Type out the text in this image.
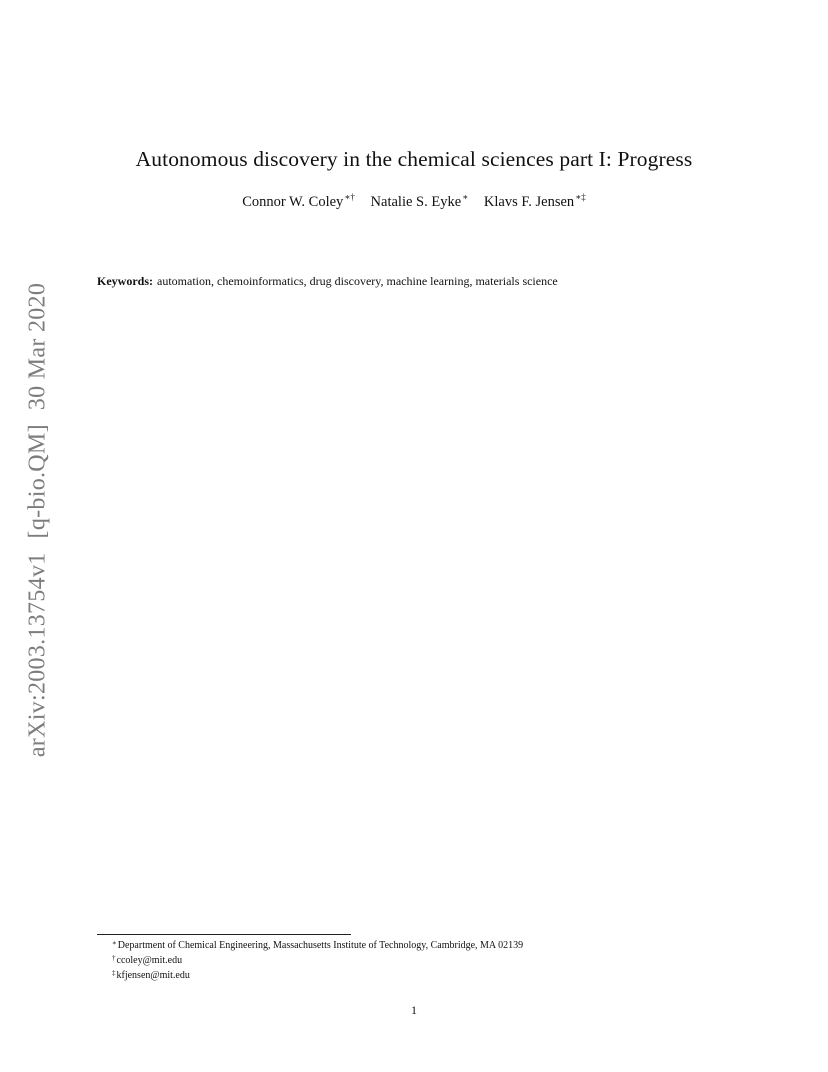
arXiv:2003.13754v1[q-bio.QM]30 Mar 2020
Autonomous discovery in the chemical sciences part I: Progress
Connor W. Coley∗† Natalie S. Eyke∗ Klavs F. Jensen∗‡
Keywords: automation, chemoinformatics, drug discovery, machine learning, materials science
∗Department of Chemical Engineering, Massachusetts Institute of Technology, Cambridge, MA 02139
†ccoley@mit.edu
‡kfjensen@mit.edu
1
